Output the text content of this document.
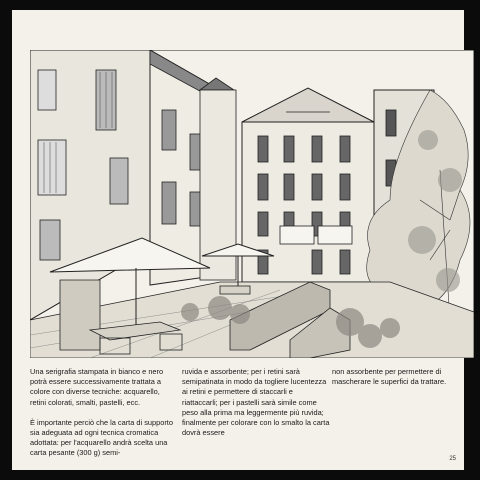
Una serigrafia stampata in bianco e nero potrà essere successivamente trattata a colore con diverse tecniche: acquarello, retini colorati, smalti, pastelli, ecc.

È importante perciò che la carta di supporto sia adeguata ad ogni tecnica cromatica adottata: per l'acquarello andrà scelta una carta pesante (300 g) semi-

ruvida e assorbente; per i retini sarà semipatinata in modo da togliere lucentezza ai retini e permettere di staccarli e riattaccarli; per i pastelli sarà simile come peso alla prima ma leggermente più ruvida; finalmente per colorare con lo smalto la carta dovrà essere

non assorbente per permettere di mascherare le superfici da trattare.

25
